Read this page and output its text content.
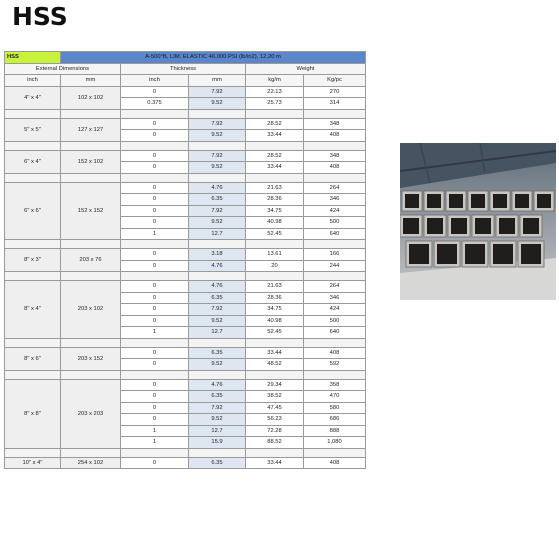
HSS
HSS	A-500°B, LIM. ELASTIC 46,000 PSI (lb/in2), 12.20 m				
External Dimensions		Thickness		Weight	
inch	mm	inch	mm	kg/m	Kg/pc
4" x 4"	102 x 102	0	7.92	22.13	270
		0.375	9.52	25.73	314

5" x 5"	127 x 127	0	7.92	28.52	348
		0	9.52	33.44	408

6" x 4"	152 x 102	0	7.92	28.52	348
		0	9.52	33.44	408

6" x 6"	152 x 152	0	4.76	21.63	264
		0	6.35	28.36	346
		0	7.92	34.75	424
		0	9.52	40.98	500
		1	12.7	52.45	640

8" x 3"	203 x 76	0	3.18	13.61	166
		0	4.76	20	244

8" x 4"	203 x 102	0	4.76	21.63	264
		0	6.35	28.36	346
		0	7.92	34.75	424
		0	9.52	40.98	500
		1	12.7	52.45	640

8" x 6"	203 x 152	0	6.35	33.44	408
		0	9.52	48.52	592

8" x 8"	203 x 203	0	4.76	29.34	358
		0	6.35	38.52	470
		0	7.92	47.45	580
		0	9.52	56.23	686
		1	12.7	72.28	888
		1	15.9	88.52	1,080

10" x 4"	254 x 102	0	6.35	33.44	408
